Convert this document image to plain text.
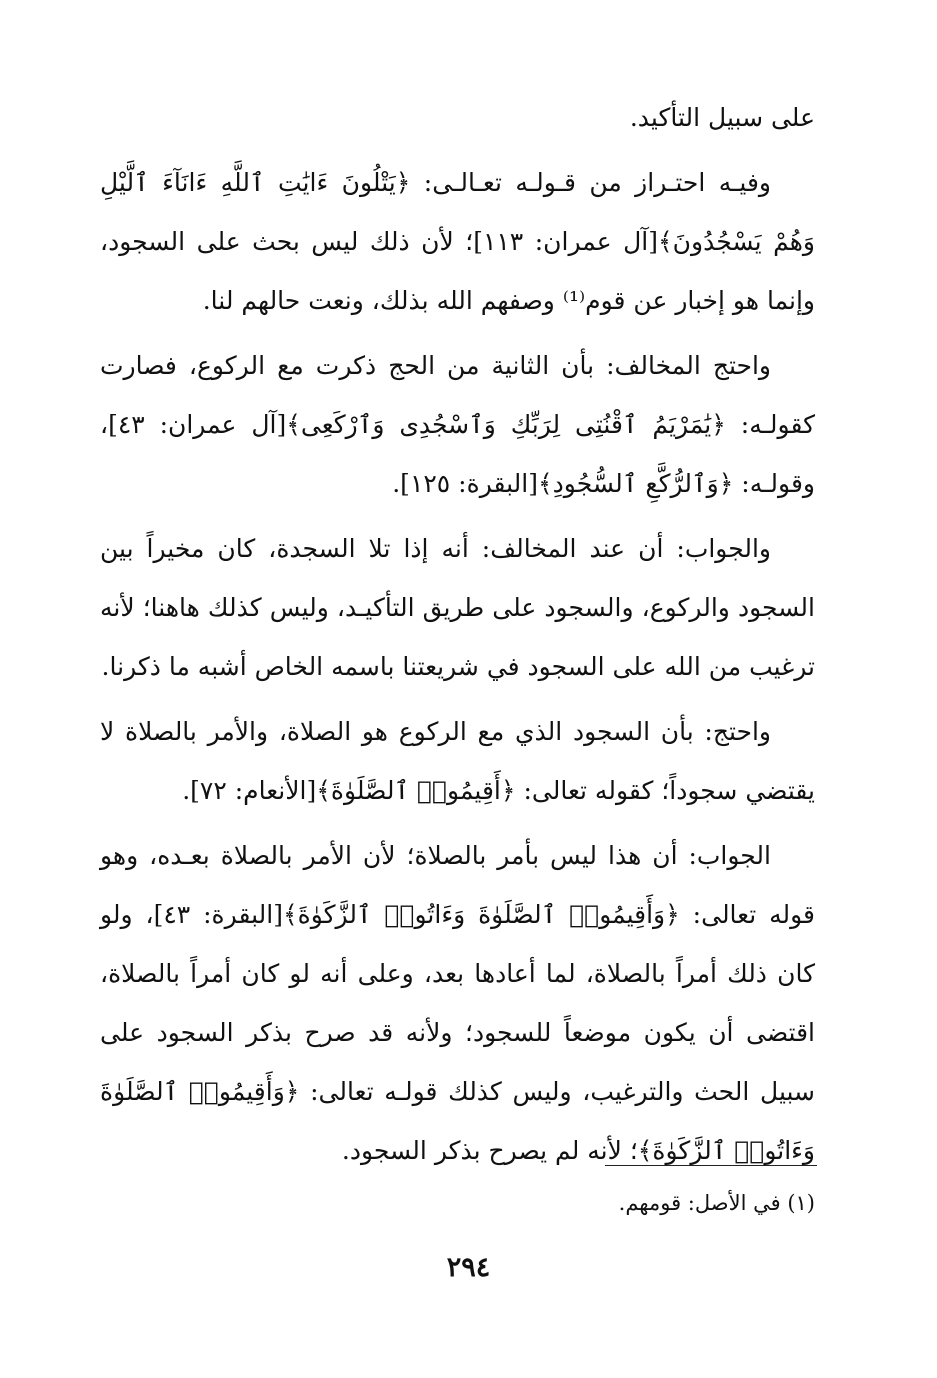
على سبيل التأكيد.

وفيـه احتـراز من قـولـه تعـالـى: ﴿يَتْلُونَ ءَايَٰتِ ٱللَّهِ ءَانَآءَ ٱلَّيْلِ وَهُمْ يَسْجُدُونَ﴾[آل عمران: ١١٣]؛ لأن ذلك ليس بحث على السجود، وإنما هو إخبار عن قوم⁽¹⁾ وصفهم الله بذلك، ونعت حالهم لنا.

واحتج المخالف: بأن الثانية من الحج ذكرت مع الركوع، فصارت كقولـه: ﴿يَٰمَرْيَمُ ٱقْنُتِى لِرَبِّكِ وَٱسْجُدِى وَٱرْكَعِى﴾[آل عمران: ٤٣]، وقولـه: ﴿وَٱلرُّكَّعِ ٱلسُّجُودِ﴾[البقرة: ١٢٥].

والجواب: أن عند المخالف: أنه إذا تلا السجدة، كان مخيراً بين السجود والركوع، والسجود على طريق التأكيـد، وليس كذلك هاهنا؛ لأنه ترغيب من الله على السجود في شريعتنا باسمه الخاص أشبه ما ذكرنا.

واحتج: بأن السجود الذي مع الركوع هو الصلاة، والأمر بالصلاة لا يقتضي سجوداً؛ كقوله تعالى: ﴿أَقِيمُوا۟ ٱلصَّلَوٰةَ﴾[الأنعام: ٧٢].

الجواب: أن هذا ليس بأمر بالصلاة؛ لأن الأمر بالصلاة بعـده، وهو قوله تعالى: ﴿وَأَقِيمُوا۟ ٱلصَّلَوٰةَ وَءَاتُوا۟ ٱلزَّكَوٰةَ﴾[البقرة: ٤٣]، ولو كان ذلك أمراً بالصلاة، لما أعادها بعد، وعلى أنه لو كان أمراً بالصلاة، اقتضى أن يكون موضعاً للسجود؛ ولأنه قد صرح بذكر السجود على سبيل الحث والترغيب، وليس كذلك قولـه تعالى: ﴿وَأَقِيمُوا۟ ٱلصَّلَوٰةَ وَءَاتُوا۟ ٱلزَّكَوٰةَ﴾؛ لأنه لم يصرح بذكر السجود.

(١) في الأصل: قومهم.
٢٩٤
